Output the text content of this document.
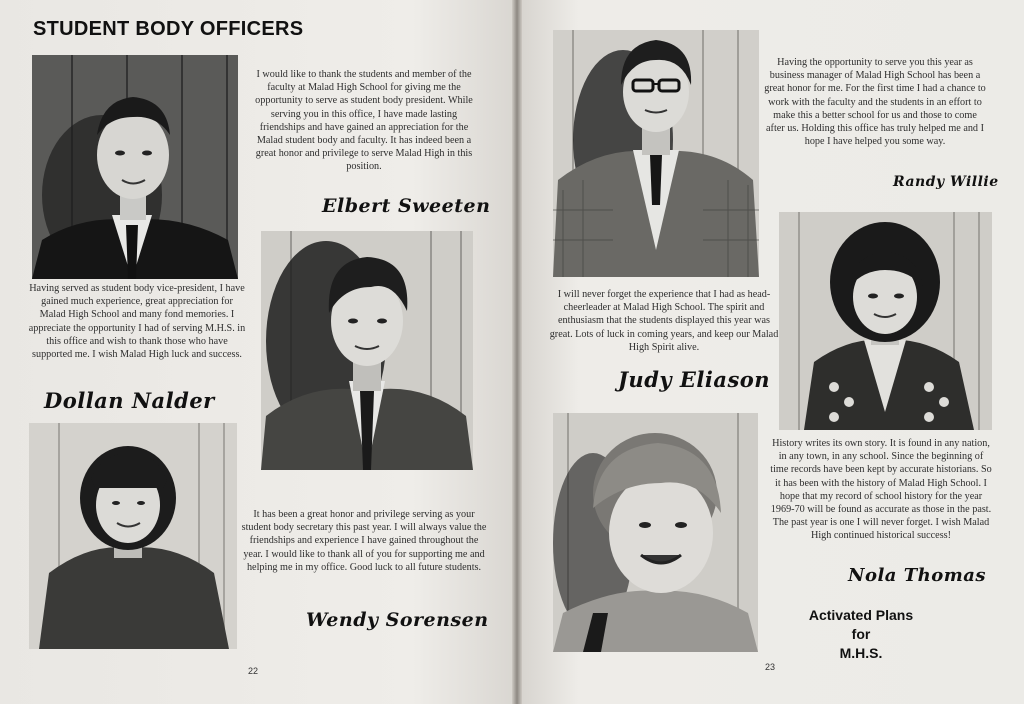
STUDENT BODY OFFICERS

I would like to thank the students and member of the faculty at Malad High School for giving me the opportunity to serve as student body president. While serving you in this office, I have made lasting friendships and have gained an appreciation for the Malad student body and faculty. It has indeed been a great honor and privilege to serve Malad High in this position.

Elbert Sweeten

Having served as student body vice-president, I have gained much experience, great appreciation for Malad High School and many fond memories. I appreciate the opportunity I had of serving M.H.S. in this office and wish to thank those who have supported me. I wish Malad High luck and success.

Dollan Nalder

It has been a great honor and privilege serving as your student body secretary this past year. I will always value the friendships and experience I have gained throughout the year. I would like to thank all of you for supporting me and helping me in my office. Good luck to all future students.

Wendy Sorensen
22

Having the opportunity to serve you this year as business manager of Malad High School has been a great honor for me. For the first time I had a chance to work with the faculty and the students in an effort to make this a better school for us and those to come after us. Holding this office has truly helped me and I hope I have helped you some way.

Randy Willie

I will never forget the experience that I had as head-cheerleader at Malad High School. The spirit and enthusiasm that the students displayed this year was great. Lots of luck in coming years, and keep our Malad High Spirit alive.

Judy Eliason

History writes its own story. It is found in any nation, in any town, in any school. Since the beginning of time records have been kept by accurate historians. So it has been with the history of Malad High School. I hope that my record of school history for the year 1969-70 will be found as accurate as those in the past. The past year is one I will never forget. I wish Malad High continued historical success!

Nola Thomas
Activated Plans
for
M.H.S.
23
